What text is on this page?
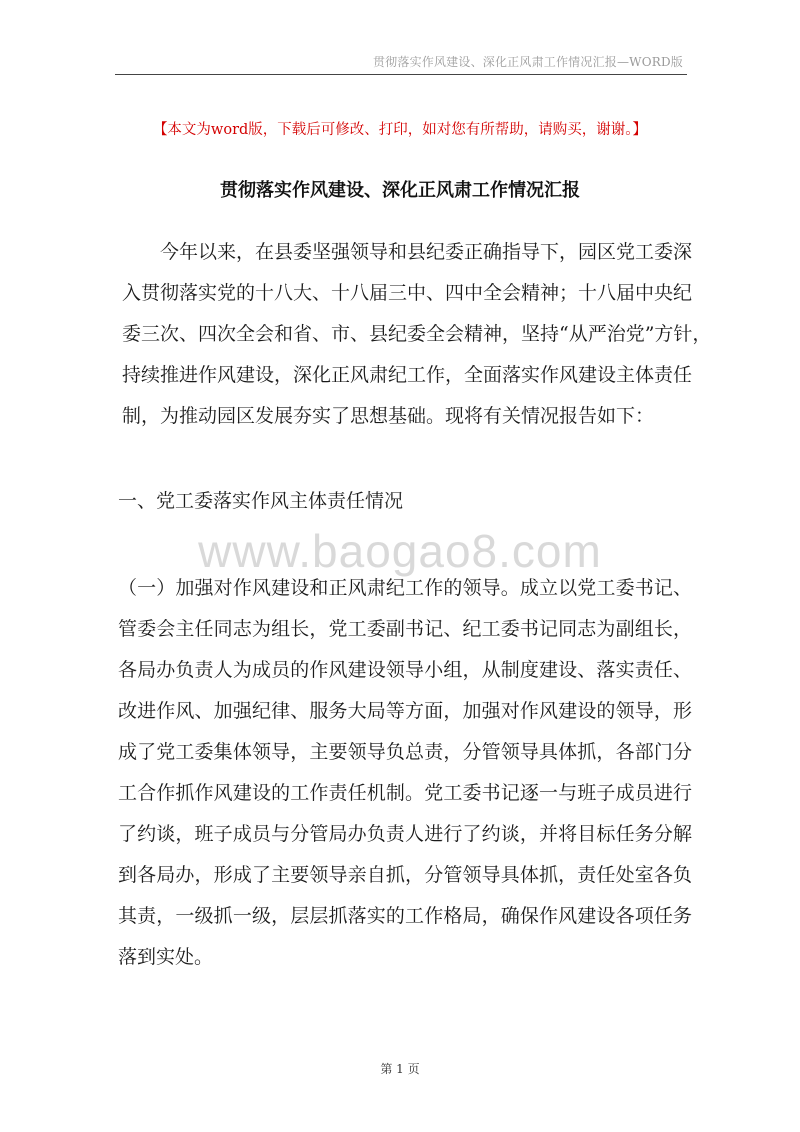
贯彻落实作风建设、深化正风肃工作情况汇报—WORD版
【本文为word版，下载后可修改、打印，如对您有所帮助，请购买，谢谢。】
贯彻落实作风建设、深化正风肃工作情况汇报
今年以来，在县委坚强领导和县纪委正确指导下，园区党工委深
入贯彻落实党的十八大、十八届三中、四中全会精神；十八届中央纪
委三次、四次全会和省、市、县纪委全会精神，坚持“从严治党”方针，
持续推进作风建设，深化正风肃纪工作，全面落实作风建设主体责任
制，为推动园区发展夯实了思想基础。现将有关情况报告如下：
一、党工委落实作风主体责任情况
www.baogao8.com
（一）加强对作风建设和正风肃纪工作的领导。成立以党工委书记、
管委会主任同志为组长，党工委副书记、纪工委书记同志为副组长，
各局办负责人为成员的作风建设领导小组，从制度建设、落实责任、
改进作风、加强纪律、服务大局等方面，加强对作风建设的领导，形
成了党工委集体领导，主要领导负总责，分管领导具体抓，各部门分
工合作抓作风建设的工作责任机制。党工委书记逐一与班子成员进行
了约谈，班子成员与分管局办负责人进行了约谈，并将目标任务分解
到各局办，形成了主要领导亲自抓，分管领导具体抓，责任处室各负
其责，一级抓一级，层层抓落实的工作格局，确保作风建设各项任务
落到实处。
第 1 页
